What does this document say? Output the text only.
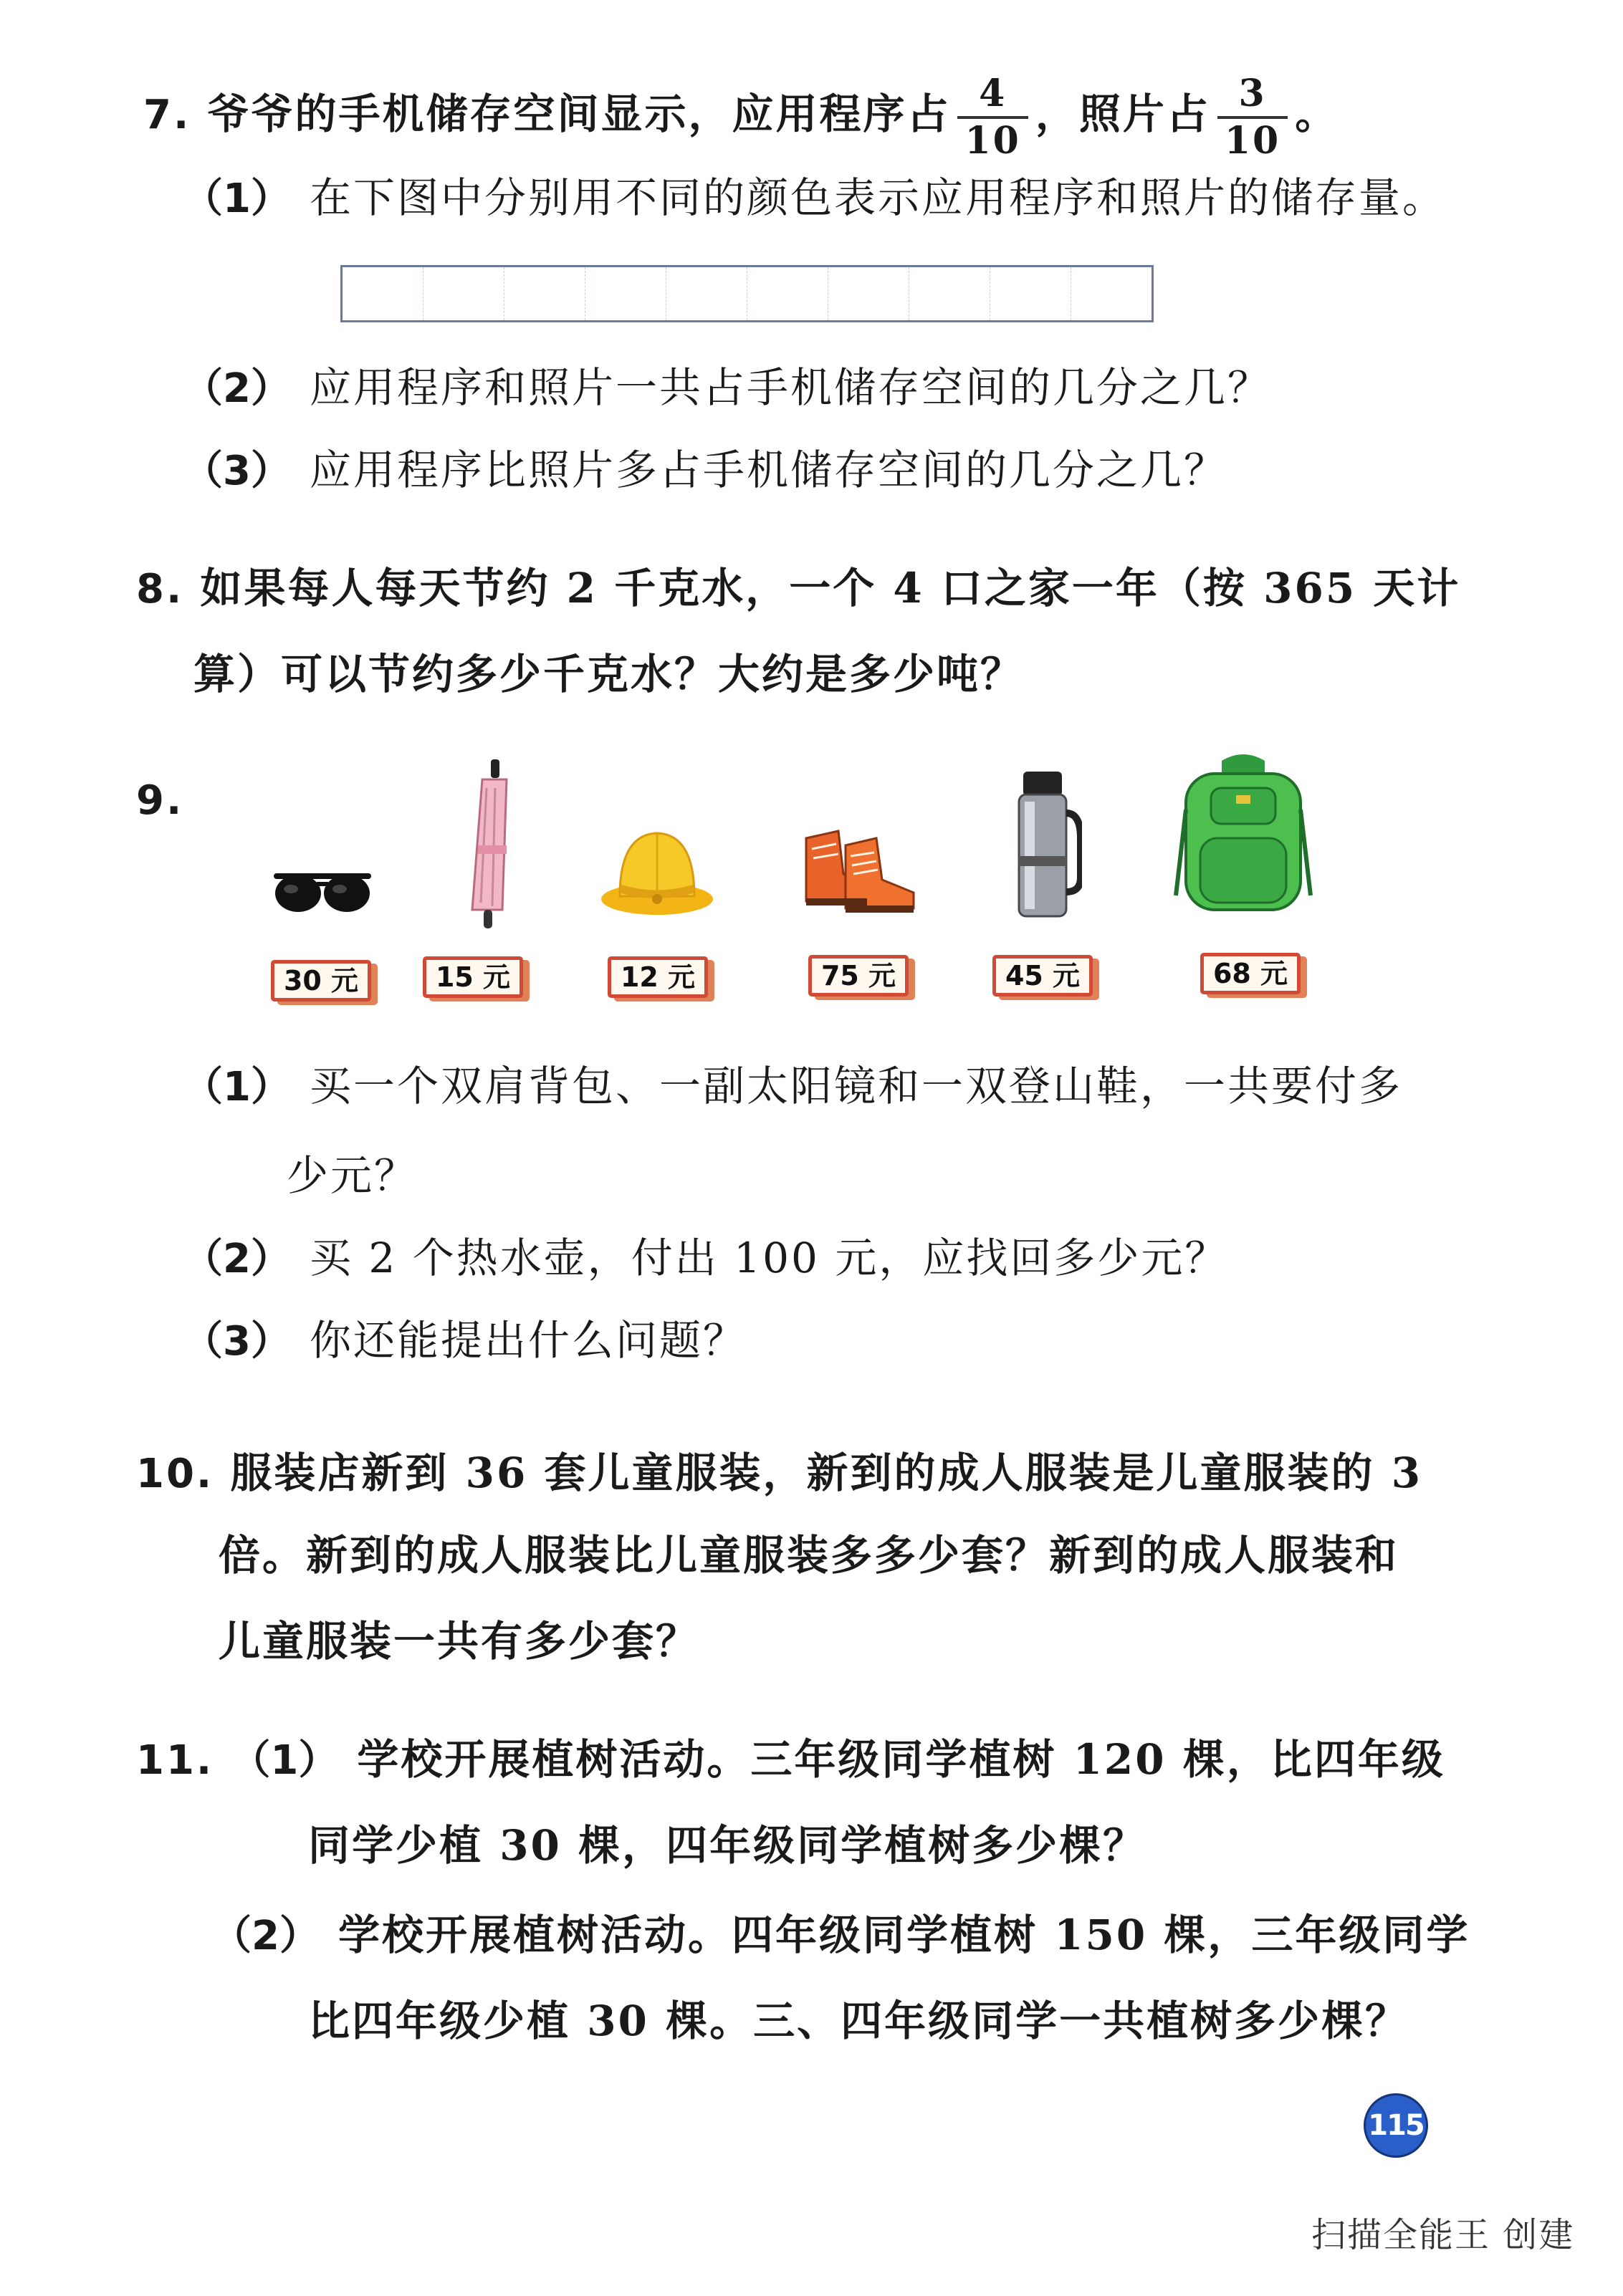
7. 爷爷的手机储存空间显示，应用程序占 $\frac{4}{10}$ ，照片占 $\frac{3}{10}$ 。
（1） 在下图中分别用不同的颜色表示应用程序和照片的储存量。
（2） 应用程序和照片一共占手机储存空间的几分之几？
（3） 应用程序比照片多占手机储存空间的几分之几？
8. 如果每人每天节约 2 千克水，一个 4 口之家一年（按 365 天计
算）可以节约多少千克水？大约是多少吨？
9.
30 元	15 元	12 元	75 元	45 元	68 元
（1） 买一个双肩背包、一副太阳镜和一双登山鞋，一共要付多
少元？
（2） 买 2 个热水壶，付出 100 元，应找回多少元？
（3） 你还能提出什么问题？
10. 服装店新到 36 套儿童服装，新到的成人服装是儿童服装的 3
倍。新到的成人服装比儿童服装多多少套？新到的成人服装和
儿童服装一共有多少套？
11. （1） 学校开展植树活动。三年级同学植树 120 棵，比四年级
同学少植 30 棵，四年级同学植树多少棵？
（2） 学校开展植树活动。四年级同学植树 150 棵，三年级同学
比四年级少植 30 棵。三、四年级同学一共植树多少棵？
115
扫描全能王 创建
